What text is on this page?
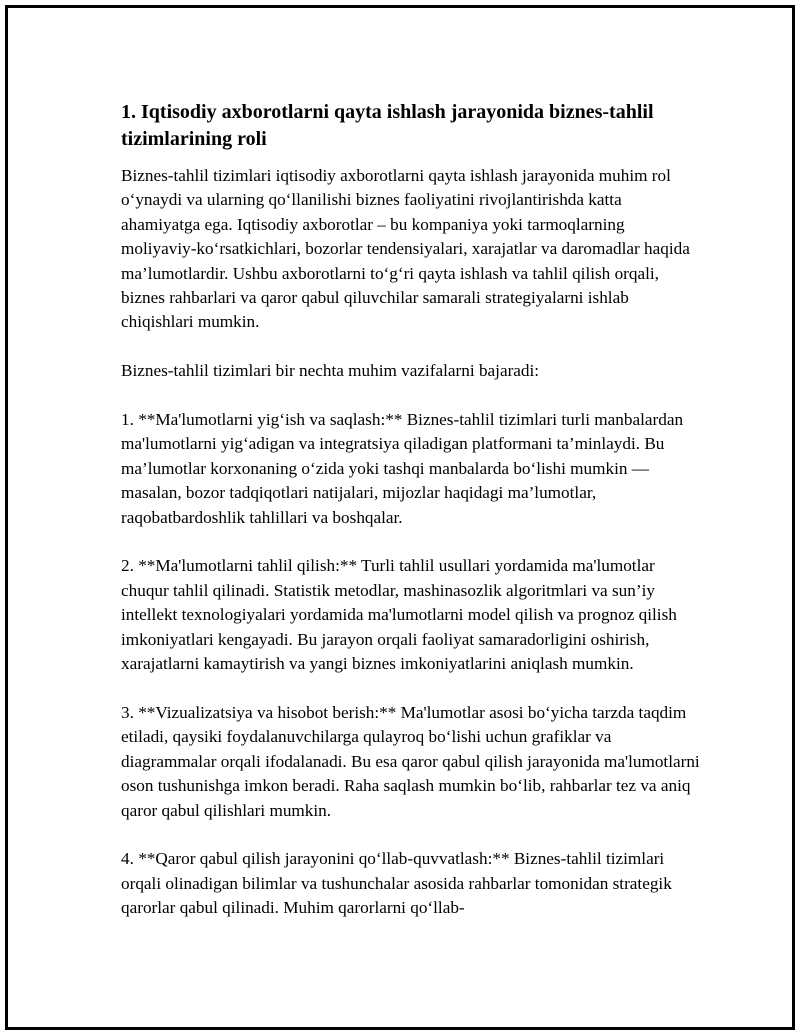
1. Iqtisodiy axborotlarni qayta ishlash jarayonida biznes-tahlil tizimlarining roli

Biznes-tahlil tizimlari iqtisodiy axborotlarni qayta ishlash jarayonida muhim rol o‘ynaydi va ularning qo‘llanilishi biznes faoliyatini rivojlantirishda katta ahamiyatga ega. Iqtisodiy axborotlar – bu kompaniya yoki tarmoqlarning moliyaviy-ko‘rsatkichlari, bozorlar tendensiyalari, xarajatlar va daromadlar haqida ma’lumotlardir. Ushbu axborotlarni to‘g‘ri qayta ishlash va tahlil qilish orqali, biznes rahbarlari va qaror qabul qiluvchilar samarali strategiyalarni ishlab chiqishlari mumkin.

Biznes-tahlil tizimlari bir nechta muhim vazifalarni bajaradi:

1. **Ma'lumotlarni yig‘ish va saqlash:** Biznes-tahlil tizimlari turli manbalardan ma'lumotlarni yig‘adigan va integratsiya qiladigan platformani ta’minlaydi. Bu ma’lumotlar korxonaning o‘zida yoki tashqi manbalarda bo‘lishi mumkin — masalan, bozor tadqiqotlari natijalari, mijozlar haqidagi ma’lumotlar, raqobatbardoshlik tahlillari va boshqalar.

2. **Ma'lumotlarni tahlil qilish:** Turli tahlil usullari yordamida ma'lumotlar chuqur tahlil qilinadi. Statistik metodlar, mashinasozlik algoritmlari va sun’iy intellekt texnologiyalari yordamida ma'lumotlarni model qilish va prognoz qilish imkoniyatlari kengayadi. Bu jarayon orqali faoliyat samaradorligini oshirish, xarajatlarni kamaytirish va yangi biznes imkoniyatlarini aniqlash mumkin.

3. **Vizualizatsiya va hisobot berish:** Ma'lumotlar asosi bo‘yicha tarzda taqdim etiladi, qaysiki foydalanuvchilarga qulayroq bo‘lishi uchun grafiklar va diagrammalar orqali ifodalanadi. Bu esa qaror qabul qilish jarayonida ma'lumotlarni oson tushunishga imkon beradi. Raha saqlash mumkin bo‘lib, rahbarlar tez va aniq qaror qabul qilishlari mumkin.

4. **Qaror qabul qilish jarayonini qo‘llab-quvvatlash:** Biznes-tahlil tizimlari orqali olinadigan bilimlar va tushunchalar asosida rahbarlar tomonidan strategik qarorlar qabul qilinadi. Muhim qarorlarni qo‘llab-
